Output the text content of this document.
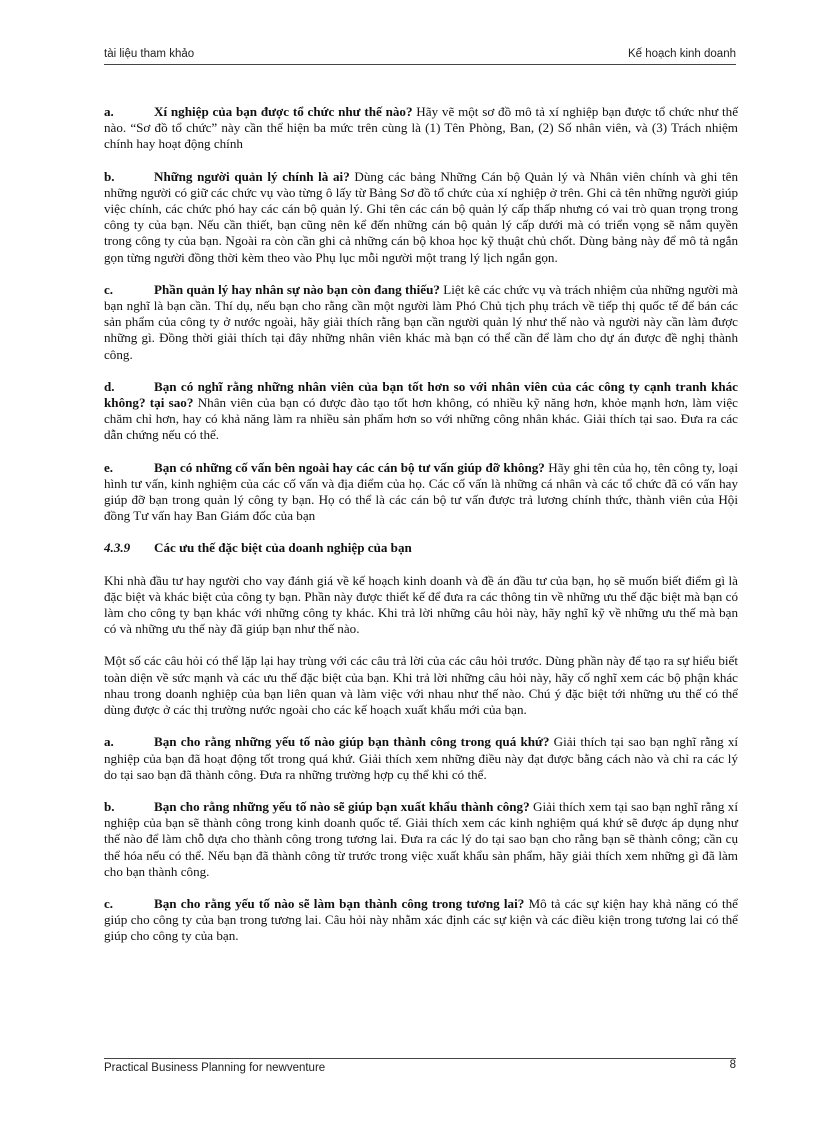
tài liệu tham khảo	Kế hoạch kinh doanh

a.	Xí nghiệp của bạn được tổ chức như thế nào? Hãy vẽ một sơ đồ mô tả xí nghiệp bạn được tổ chức như thế nào. “Sơ đồ tổ chức” này cần thể hiện ba mức trên cùng là (1) Tên Phòng, Ban, (2) Số nhân viên, và (3) Trách nhiệm chính hay hoạt động chính

b.	Những người quản lý chính là ai? Dùng các bảng Những Cán bộ Quản lý và Nhân viên chính và ghi tên những người có giữ các chức vụ vào từng ô lấy từ Bảng Sơ đồ tổ chức của xí nghiệp ở trên. Ghi cả tên những người giúp việc chính, các chức phó hay các cán bộ quản lý. Ghi tên các cán bộ quản lý cấp thấp nhưng có vai trò quan trọng trong công ty của bạn. Nếu cần thiết, bạn cũng nên kể đến những cán bộ quản lý cấp dưới mà có triển vọng sẽ nắm quyền trong công ty của bạn. Ngoài ra còn cần ghi cả những cán bộ khoa học kỹ thuật chủ chốt. Dùng bảng này để mô tả ngắn gọn từng người đồng thời kèm theo vào Phụ lục mỗi người một trang lý lịch ngắn gọn.

c.	Phần quản lý hay nhân sự nào bạn còn đang thiếu? Liệt kê các chức vụ và trách nhiệm của những người mà bạn nghĩ là bạn cần. Thí dụ, nếu bạn cho rằng cần một người làm Phó Chủ tịch phụ trách về tiếp thị quốc tế để bán các sản phẩm của công ty ở nước ngoài, hãy giải thích rằng bạn cần người quản lý như thế nào và người này cần làm được những gì. Đồng thời giải thích tại đây những nhân viên khác mà bạn có thể cần để làm cho dự án được đề nghị thành công.

d.	Bạn có nghĩ rằng những nhân viên của bạn tốt hơn so với nhân viên của các công ty cạnh tranh khác không? tại sao? Nhân viên của bạn có được đào tạo tốt hơn không, có nhiều kỹ năng hơn, khỏe mạnh hơn, làm việc chăm chỉ hơn, hay có khả năng làm ra nhiều sản phẩm hơn so với những công nhân khác. Giải thích tại sao. Đưa ra các dẫn chứng nếu có thể.

e.	Bạn có những cố vấn bên ngoài hay các cán bộ tư vấn giúp đỡ không? Hãy ghi tên của họ, tên công ty, loại hình tư vấn, kinh nghiệm của các cố vấn và địa điểm của họ. Các cố vấn là những cá nhân và các tổ chức đã có vấn hay giúp đỡ bạn trong quản lý công ty bạn. Họ có thể là các cán bộ tư vấn được trả lương chính thức, thành viên của Hội đồng Tư vấn hay Ban Giám đốc của bạn

4.3.9 Các ưu thế đặc biệt của doanh nghiệp của bạn

Khi nhà đầu tư hay người cho vay đánh giá về kế hoạch kinh doanh và đề án đầu tư của bạn, họ sẽ muốn biết điểm gì là đặc biệt và khác biệt của công ty bạn. Phần này được thiết kế để đưa ra các thông tin về những ưu thế đặc biệt mà bạn có làm cho công ty bạn khác với những công ty khác. Khi trả lời những câu hỏi này, hãy nghĩ kỹ về những ưu thế mà bạn có và những ưu thế này đã giúp bạn như thế nào.

Một số các câu hỏi có thể lặp lại hay trùng với các câu trả lời của các câu hỏi trước. Dùng phần này để tạo ra sự hiểu biết toàn diện về sức mạnh và các ưu thế đặc biệt của bạn. Khi trả lời những câu hỏi này, hãy cố nghĩ xem các bộ phận khác nhau trong doanh nghiệp của bạn liên quan và làm việc với nhau như thế nào. Chú ý đặc biệt tới những ưu thế có thể dùng được ở các thị trường nước ngoài cho các kế hoạch xuất khẩu mới của bạn.

a.	Bạn cho rằng những yếu tố nào giúp bạn thành công trong quá khứ? Giải thích tại sao bạn nghĩ rằng xí nghiệp của bạn đã hoạt động tốt trong quá khứ. Giải thích xem những điều này đạt được bằng cách nào và chỉ ra các lý do tại sao bạn đã thành công. Đưa ra những trường hợp cụ thể khi có thể.

b.	Bạn cho rằng những yếu tố nào sẽ giúp bạn xuất khẩu thành công? Giải thích xem tại sao bạn nghĩ rằng xí nghiệp của bạn sẽ thành công trong kinh doanh quốc tế. Giải thích xem các kinh nghiệm quá khứ sẽ được áp dụng như thế nào để làm chỗ dựa cho thành công trong tương lai. Đưa ra các lý do tại sao bạn cho rằng bạn sẽ thành công; cần cụ thể hóa nếu có thể. Nếu bạn đã thành công từ trước trong việc xuất khẩu sản phẩm, hãy giải thích xem những gì đã làm cho bạn thành công.

c.	Bạn cho rằng yếu tố nào sẽ làm bạn thành công trong tương lai? Mô tả các sự kiện hay khả năng có thể giúp cho công ty của bạn trong tương lai. Câu hỏi này nhằm xác định các sự kiện và các điều kiện trong tương lai có thể giúp cho công ty của bạn.

Practical Business Planning for newventure	8
